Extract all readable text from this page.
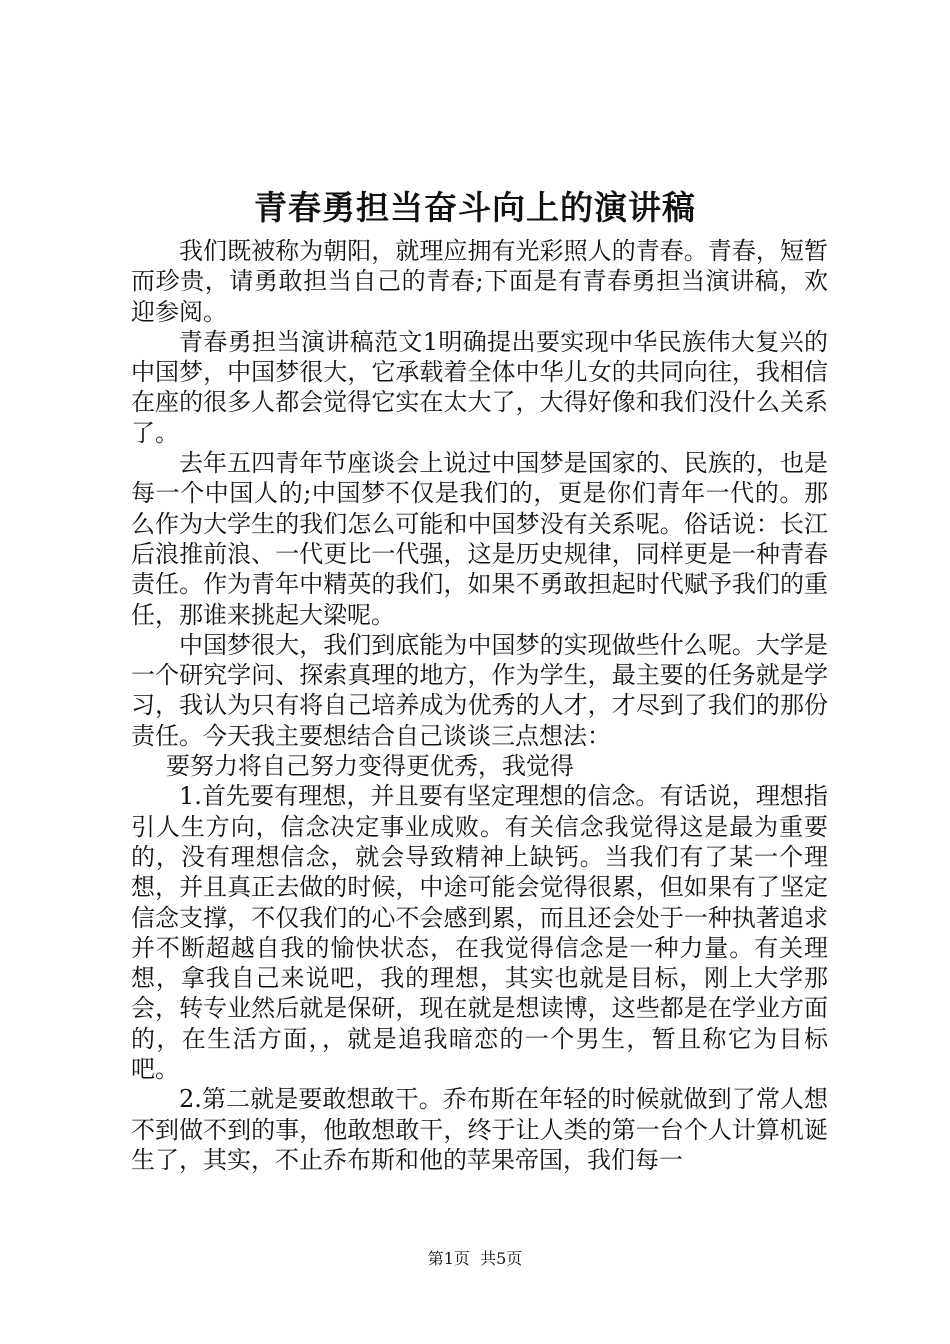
青春勇担当奋斗向上的演讲稿

我们既被称为朝阳，就理应拥有光彩照人的青春。青春，短暂而珍贵，请勇敢担当自己的青春;下面是有青春勇担当演讲稿，欢迎参阅。

青春勇担当演讲稿范文1明确提出要实现中华民族伟大复兴的中国梦，中国梦很大，它承载着全体中华儿女的共同向往，我相信在座的很多人都会觉得它实在太大了，大得好像和我们没什么关系了。

去年五四青年节座谈会上说过中国梦是国家的、民族的，也是每一个中国人的;中国梦不仅是我们的，更是你们青年一代的。那么作为大学生的我们怎么可能和中国梦没有关系呢。俗话说：长江后浪推前浪、一代更比一代强，这是历史规律，同样更是一种青春责任。作为青年中精英的我们，如果不勇敢担起时代赋予我们的重任，那谁来挑起大梁呢。

中国梦很大，我们到底能为中国梦的实现做些什么呢。大学是一个研究学问、探索真理的地方，作为学生，最主要的任务就是学习，我认为只有将自己培养成为优秀的人才，才尽到了我们的那份责任。今天我主要想结合自己谈谈三点想法：

要努力将自己努力变得更优秀，我觉得

1.首先要有理想，并且要有坚定理想的信念。有话说，理想指引人生方向，信念决定事业成败。有关信念我觉得这是最为重要的，没有理想信念，就会导致精神上缺钙。当我们有了某一个理想，并且真正去做的时候，中途可能会觉得很累，但如果有了坚定信念支撑，不仅我们的心不会感到累，而且还会处于一种执著追求并不断超越自我的愉快状态，在我觉得信念是一种力量。有关理想，拿我自己来说吧，我的理想，其实也就是目标，刚上大学那会，转专业然后就是保研，现在就是想读博，这些都是在学业方面的，在生活方面，，就是追我暗恋的一个男生，暂且称它为目标吧。

2.第二就是要敢想敢干。乔布斯在年轻的时候就做到了常人想不到做不到的事，他敢想敢干，终于让人类的第一台个人计算机诞生了，其实，不止乔布斯和他的苹果帝国，我们每一

第1页  共5页
